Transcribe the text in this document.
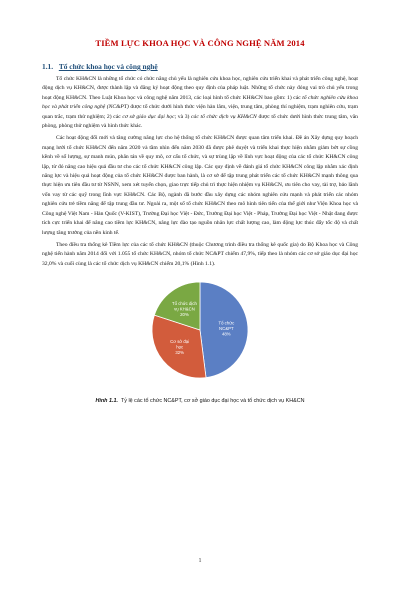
TIỀM LỰC KHOA HỌC VÀ CÔNG NGHỆ NĂM 2014
1.1. Tổ chức khoa học và công nghệ

Tổ chức KH&CN là những tổ chức có chức năng chủ yếu là nghiên cứu khoa học, nghiên cứu triển khai và phát triển công nghệ, hoạt động dịch vụ KH&CN, được thành lập và đăng ký hoạt động theo quy định của pháp luật. Những tổ chức này đóng vai trò chủ yếu trong hoạt động KH&CN. Theo Luật Khoa học và công nghệ năm 2013, các loại hình tổ chức KH&CN bao gồm: 1) các tổ chức nghiên cứu khoa học và phát triển công nghệ (NC&PT) được tổ chức dưới hình thức viện hàn lâm, viện, trung tâm, phòng thí nghiệm, trạm nghiên cứu, trạm quan trắc, trạm thử nghiệm; 2) các cơ sở giáo dục đại học; và 3) các tổ chức dịch vụ KH&CN được tổ chức dưới hình thức trung tâm, văn phòng, phòng thử nghiệm và hình thức khác.

Các hoạt động đổi mới và tăng cường năng lực cho hệ thống tổ chức KH&CN được quan tâm triển khai. Đề án Xây dựng quy hoạch mạng lưới tổ chức KH&CN đến năm 2020 và tầm nhìn đến năm 2030 đã được phê duyệt và triển khai thực hiện nhằm giảm bớt sự cồng kềnh về số lượng, sự manh mún, phân tán về quy mô, cơ cấu tổ chức, và sự trùng lặp về lĩnh vực hoạt động của các tổ chức KH&CN công lập, từ đó nâng cao hiệu quả đầu tư cho các tổ chức KH&CN công lập. Các quy định về đánh giá tổ chức KH&CN công lập nhằm xác định năng lực và hiệu quả hoạt động của tổ chức KH&CN được ban hành, là cơ sở để tập trung phát triển các tổ chức KH&CN mạnh thông qua thực hiện ưu tiên đầu tư từ NSNN, xem xét tuyển chọn, giao trực tiếp chủ trì thực hiện nhiệm vụ KH&CN, ưu tiên cho vay, tài trợ, bảo lãnh vốn vay từ các quỹ trong lĩnh vực KH&CN. Các Bộ, ngành đã bước đầu xây dựng các nhóm nghiên cứu mạnh và phát triển các nhóm nghiên cứu trẻ tiềm năng để tập trung đầu tư. Ngoài ra, một số tổ chức KH&CN theo mô hình tiên tiến của thế giới như Viện Khoa học và Công nghệ Việt Nam - Hàn Quốc (V-KIST), Trường Đại học Việt - Đức, Trường Đại học Việt - Pháp, Trường Đại học Việt - Nhật đang được tích cực triển khai để nâng cao tiềm lực KH&CN, nâng lực đào tạo nguồn nhân lực chất lượng cao, làm động lực thúc đẩy tốc độ và chất lượng tăng trưởng của nền kinh tế.

Theo điều tra thống kê Tiềm lực của các tổ chức KH&CN (thuộc Chương trình điều tra thống kê quốc gia) do Bộ Khoa học và Công nghệ tiến hành năm 2014 đối với 1.055 tổ chức KH&CN, nhóm tổ chức NC&PT chiếm 47,9%, tiếp theo là nhóm các cơ sở giáo dục đại học 32,0% và cuối cùng là các tổ chức dịch vụ KH&CN chiếm 20,1% (Hình 1.1).

Tổ chức
NC&PT
48%
Cơ sở đại
học
32%
Tổ chức dịch
vụ KH&CN
20%
Hình 1.1. Tỷ lệ các tổ chức NC&PT, cơ sở giáo dục đại học và tổ chức dịch vụ KH&CN
1
